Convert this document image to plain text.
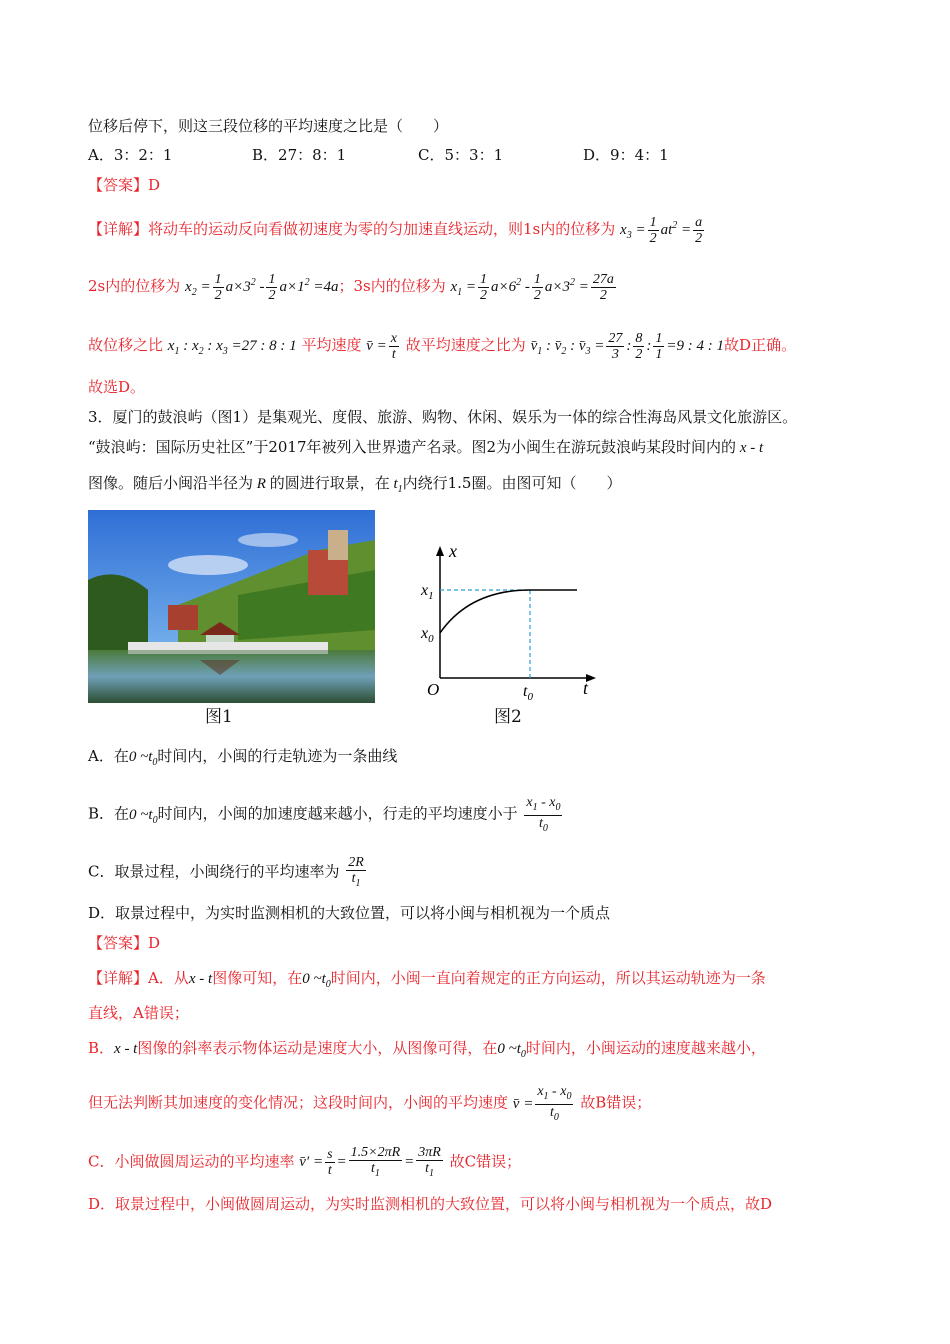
位移后停下，则这三段位移的平均速度之比是（　　）
A．3：2：1	B．27：8：1	C．5：3：1	D．9：4：1
【答案】D
【详解】将动车的运动反向看做初速度为零的匀加速直线运动，则1s内的位移为 $x_3 = \frac{1}{2} at^2 = \frac{a}{2}$
2s内的位移为 $x_2 = \frac{1}{2} a\times 3^2 - \frac{1}{2} a\times 1^2 =4a$；3s内的位移为 $x_1 = \frac{1}{2} a\times 6^2 - \frac{1}{2} a\times 3^2 = \frac{27a}{2}$
故位移之比 $x_1$ : $x_2$ : $x_3 =27$ : 8 : 1 平均速度 v̄ = $\frac{x}{t}$ 故平均速度之比为 $v̄_1$ : $v̄_2$ : $v̄_3 = \frac{27}{3}$ : $\frac{8}{2}$ : $\frac{1}{1} =9$ : 4 : 1故D正确。
故选D。
3．厦门的鼓浪屿（图1）是集观光、度假、旅游、购物、休闲、娱乐为一体的综合性海岛风景文化旅游区。
“鼓浪屿：国际历史社区”于2017年被列入世界遗产名录。图2为小闽生在游玩鼓浪屿某段时间内的 x - t
图像。随后小闽沿半径为 R 的圆进行取景，在 $t_1$内绕行1.5圈。由图可知（　　）
图1
x
t
O
$x_1$
$x_0$
$t_0$
图2
A．在0 $\sim t_0$时间内，小闽的行走轨迹为一条曲线
B．在0 $\sim t_0$时间内，小闽的加速度越来越小，行走的平均速度小于 $\frac{x_1 - x_0}{t_0}$
C．取景过程，小闽绕行的平均速率为 $\frac{2R}{t_1}$
D．取景过程中，为实时监测相机的大致位置，可以将小闽与相机视为一个质点
【答案】D
【详解】A．从x - t图像可知，在0 $\sim t_0$时间内，小闽一直向着规定的正方向运动，所以其运动轨迹为一条
直线，A错误；
B．x - t图像的斜率表示物体运动是速度大小，从图像可得，在0 $\sim t_0$时间内，小闽运动的速度越来越小，
但无法判断其加速度的变化情况；这段时间内，小闽的平均速度 v̄ = $\frac{x_1 - x_0}{t_0}$ 故B错误；
C．小闽做圆周运动的平均速率 v̄′ = $\frac{s}{t} = \frac{1.5\times 2\pi R}{t_1} = \frac{3\pi R}{t_1}$ 故C错误；
D．取景过程中，小闽做圆周运动，为实时监测相机的大致位置，可以将小闽与相机视为一个质点，故D
